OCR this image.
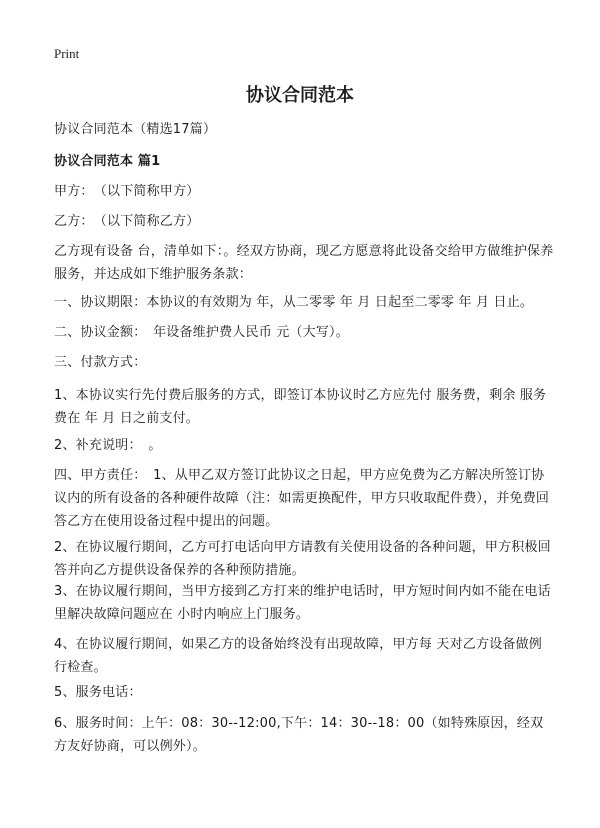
Print
协议合同范本

协议合同范本（精选17篇）

协议合同范本 篇1

甲方：　（以下简称甲方）

乙方：　（以下简称乙方）

乙方现有设备 台，清单如下：。经双方协商，现乙方愿意将此设备交给甲方做维护保养服务，并达成如下维护服务条款：

一、协议期限：本协议的有效期为 年，从二零零 年 月 日起至二零零 年 月 日止。

二、协议金额：　年设备维护费人民币 元（大写）。

三、付款方式：

1、本协议实行先付费后服务的方式，即签订本协议时乙方应先付 服务费，剩余 服务费在 年 月 日之前支付。

2、补充说明：　。

四、甲方责任：　1、从甲乙双方签订此协议之日起，甲方应免费为乙方解决所签订协议内的所有设备的各种硬件故障（注：如需更换配件，甲方只收取配件费），并免费回答乙方在使用设备过程中提出的问题。

2、在协议履行期间，乙方可打电话向甲方请教有关使用设备的各种问题，甲方积极回答并向乙方提供设备保养的各种预防措施。

3、在协议履行期间，当甲方接到乙方打来的维护电话时，甲方短时间内如不能在电话里解决故障问题应在 小时内响应上门服务。

4、在协议履行期间，如果乙方的设备始终没有出现故障，甲方每 天对乙方设备做例行检查。

5、服务电话：

6、服务时间：上午：08：30--12:00,下午：14：30--18：00（如特殊原因，经双方友好协商，可以例外）。
